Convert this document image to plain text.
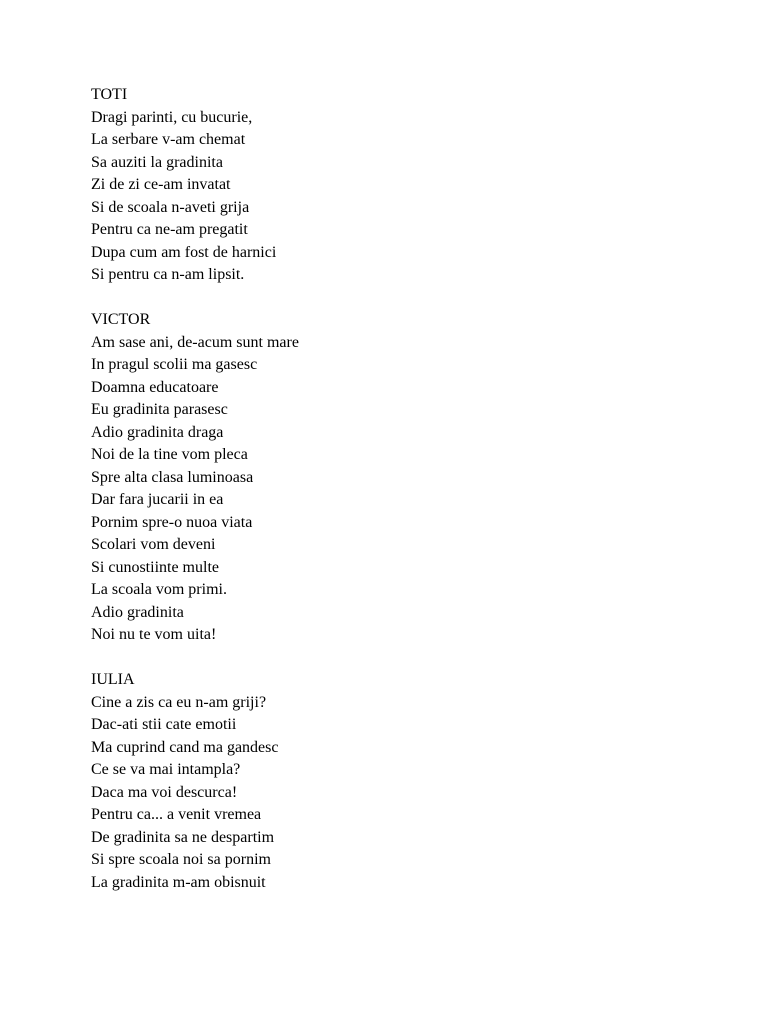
TOTI
Dragi parinti, cu bucurie,
La serbare v-am chemat
Sa auziti la gradinita
Zi de zi ce-am invatat
Si de scoala n-aveti grija
Pentru ca ne-am pregatit
Dupa cum am fost de harnici
Si pentru ca n-am lipsit.
VICTOR
Am sase ani, de-acum sunt mare
In pragul scolii ma gasesc
Doamna educatoare
Eu gradinita parasesc
Adio gradinita draga
Noi de la tine vom pleca
Spre alta clasa luminoasa
Dar fara jucarii in ea
Pornim spre-o nuoa viata
Scolari vom deveni
Si cunostiinte multe
La scoala vom primi.
Adio gradinita
Noi nu te vom uita!
IULIA
Cine a zis ca eu n-am griji?
Dac-ati stii cate emotii
Ma cuprind cand ma gandesc
Ce se va mai intampla?
Daca ma voi descurca!
Pentru ca... a venit vremea
De gradinita sa ne despartim
Si spre scoala noi sa pornim
La gradinita m-am obisnuit
